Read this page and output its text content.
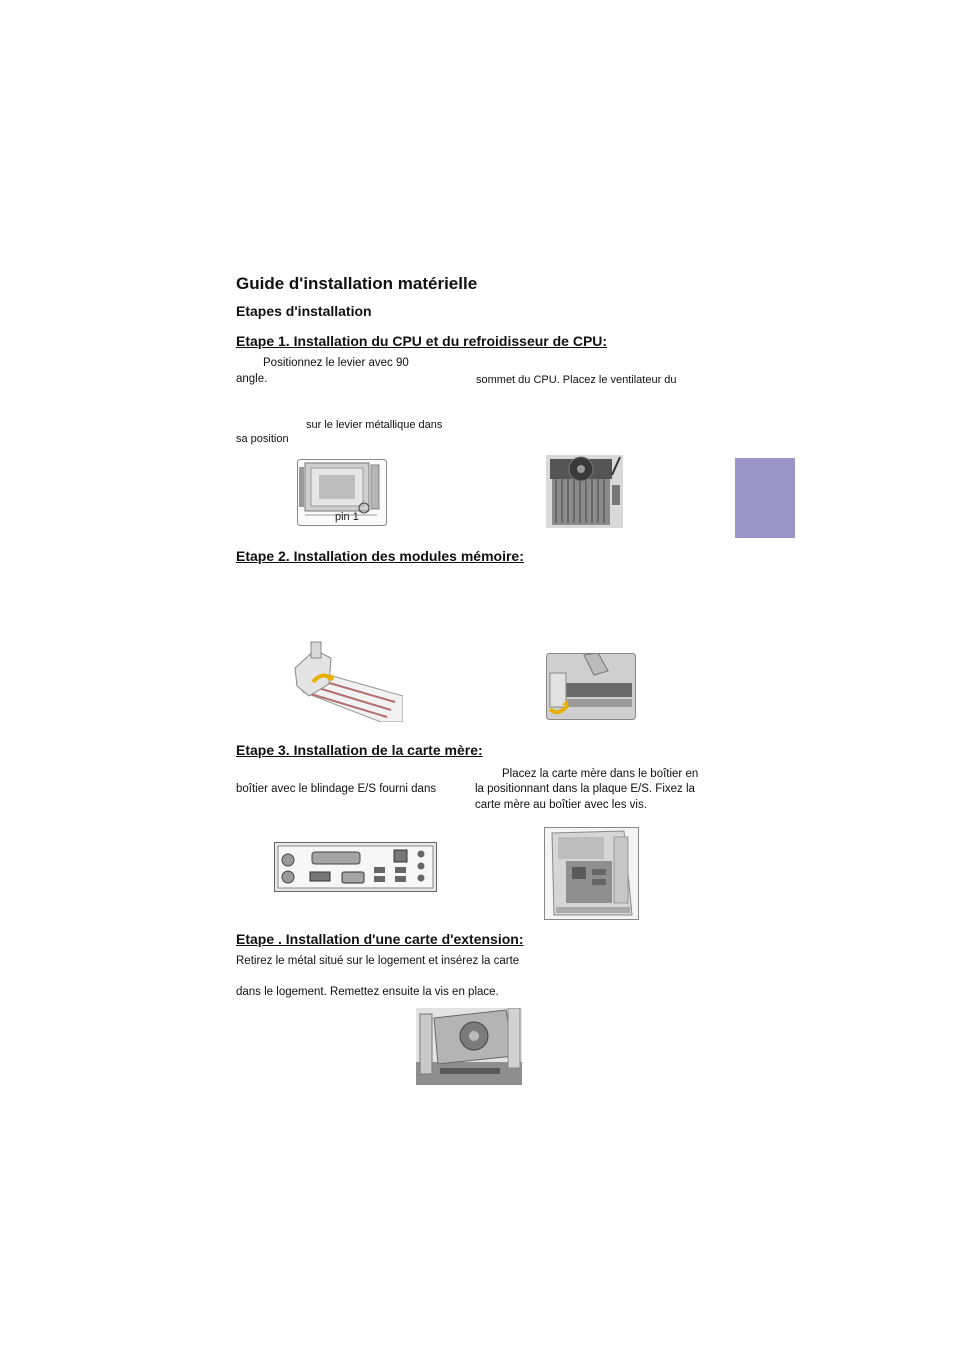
Guide d'installation matérielle
Etapes d'installation
Etape 1. Installation du CPU et du refroidisseur de CPU:
Positionnez le levier avec 90
angle.	sommet du CPU. Placez le ventilateur du
sur le levier métallique dans
sa position
pin 1
Etape 2. Installation des modules mémoire:
Etape 3. Installation de la carte mère:
Placez la carte mère dans le boîtier en
boîtier avec le blindage E/S fourni dans	la positionnant dans la plaque E/S. Fixez la
carte mère au boîtier avec les vis.
Etape . Installation d'une carte d'extension:
Retirez le métal situé sur le logement et insérez la carte
dans le logement. Remettez ensuite la vis en place.
